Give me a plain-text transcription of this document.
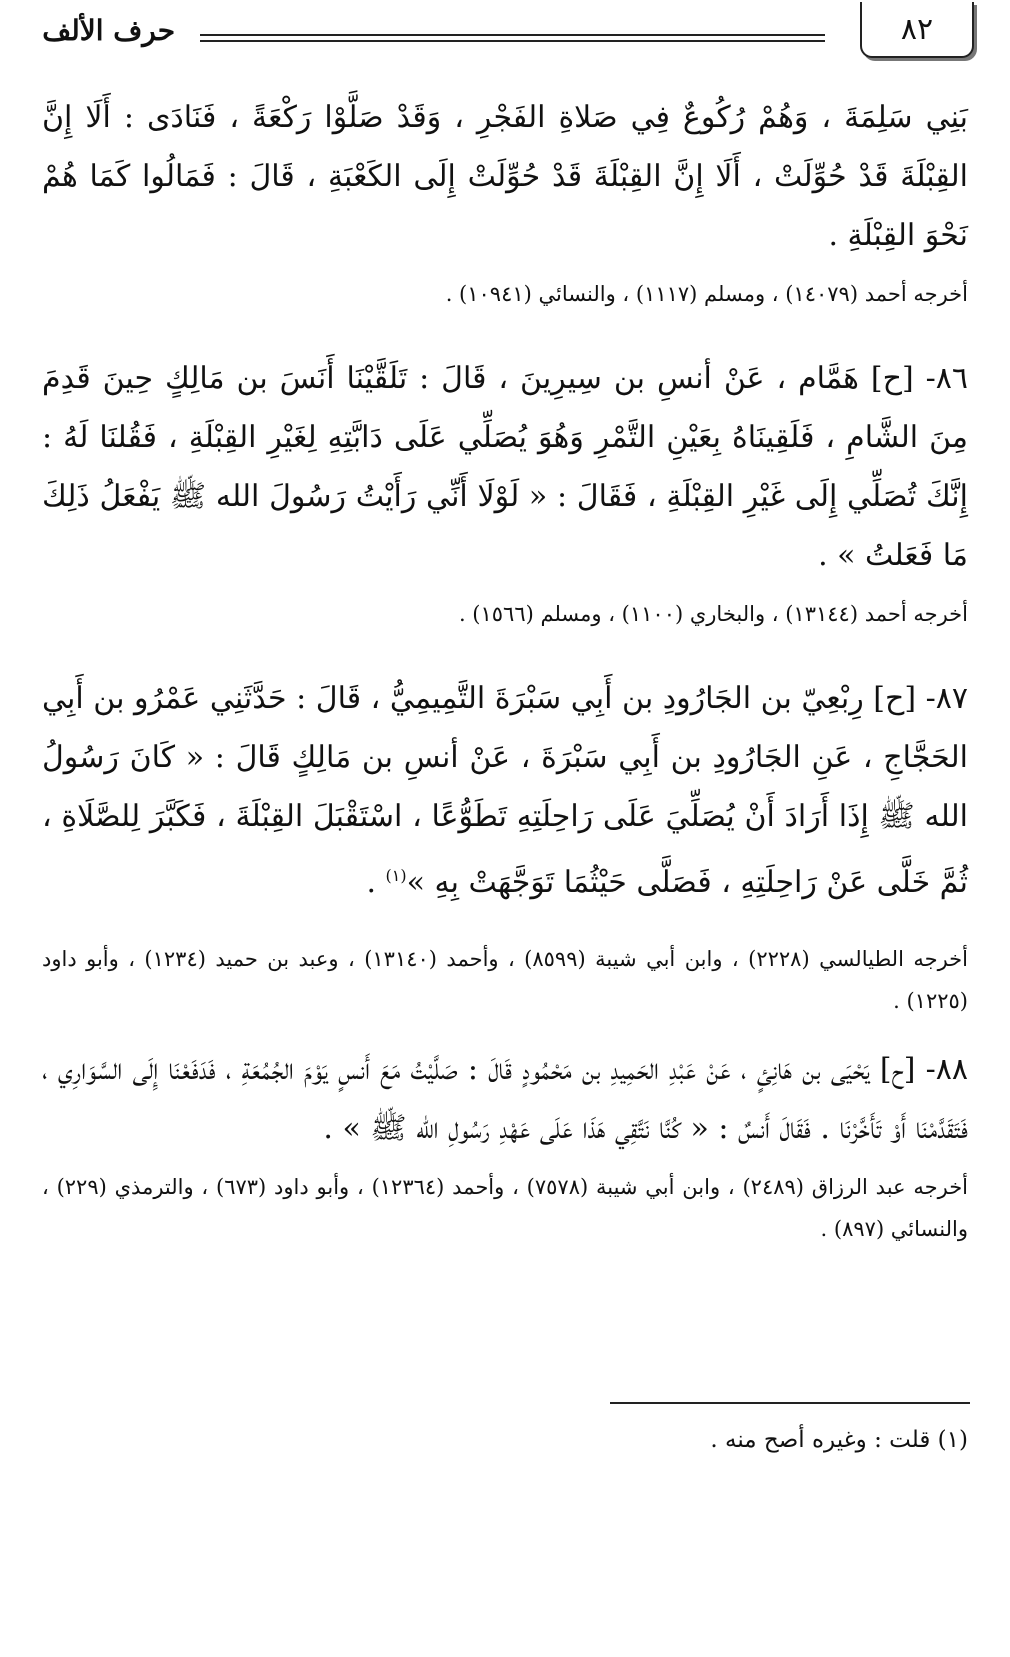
٨٢
حرف الألف

بَنِي سَلِمَةَ ، وَهُمْ رُكُوعٌ فِي صَلاةِ الفَجْرِ ، وَقَدْ صَلَّوْا رَكْعَةً ، فَنَادَى : أَلَا إِنَّ القِبْلَةَ قَدْ حُوِّلَتْ ، أَلَا إِنَّ القِبْلَةَ قَدْ حُوِّلَتْ إِلَى الكَعْبَةِ ، قَالَ : فَمَالُوا كَمَا هُمْ نَحْوَ القِبْلَةِ .

أخرجه أحمد (١٤٠٧٩) ، ومسلم (١١١٧) ، والنسائي (١٠٩٤١) .

٨٦- [ح] هَمَّام ، عَنْ أنسِ بن سِيرِينَ ، قَالَ : تَلَقَّيْنَا أَنَسَ بن مَالِكٍ حِينَ قَدِمَ مِنَ الشَّامِ ، فَلَقِينَاهُ بِعَيْنِ التَّمْرِ وَهُوَ يُصَلِّي عَلَى دَابَّتِهِ لِغَيْرِ القِبْلَةِ ، فَقُلنَا لَهُ : إِنَّكَ تُصَلِّي إِلَى غَيْرِ القِبْلَةِ ، فَقَالَ : « لَوْلَا أَنِّي رَأَيْتُ رَسُولَ الله ﷺ يَفْعَلُ ذَلِكَ مَا فَعَلتُ » .

أخرجه أحمد (١٣١٤٤) ، والبخاري (١١٠٠) ، ومسلم (١٥٦٦) .

٨٧- [ح] رِبْعِيّ بن الجَارُودِ بن أَبِي سَبْرَةَ التَّمِيمِيُّ ، قَالَ : حَدَّثَنِي عَمْرُو بن أَبِي الحَجَّاجِ ، عَنِ الجَارُودِ بن أَبِي سَبْرَةَ ، عَنْ أنسِ بن مَالِكٍ قَالَ : « كَانَ رَسُولُ الله ﷺ إِذَا أَرَادَ أَنْ يُصَلِّيَ عَلَى رَاحِلَتِهِ تَطَوُّعًا ، اسْتَقْبَلَ القِبْلَةَ ، فَكَبَّرَ لِلصَّلَاةِ ، ثُمَّ خَلَّى عَنْ رَاحِلَتِهِ ، فَصَلَّى حَيْثُمَا تَوَجَّهَتْ بِهِ »$^{(١)}$ .

أخرجه الطيالسي (٢٢٢٨) ، وابن أبي شيبة (٨٥٩٩) ، وأحمد (١٣١٤٠) ، وعبد بن حميد (١٢٣٤) ، وأبو داود (١٢٢٥) .

٨٨- [ح] يَحْيَى بن هَانِئٍ ، عَنْ عَبْدِ الحَمِيدِ بن مَحْمُودٍ قَالَ : صَلَّيْتُ مَعَ أَنسٍ يَوْمَ الجُمُعَةِ ، فَدَفَعْنَا إِلَى السَّوَارِي ، فَتَقَدَّمْنَا أَوْ تَأَخَّرْنَا . فَقَالَ أَنسٌ : « كُنَّا نَتَّقِي هَذَا عَلَى عَهْدِ رَسُولِ الله ﷺ » .

أخرجه عبد الرزاق (٢٤٨٩) ، وابن أبي شيبة (٧٥٧٨) ، وأحمد (١٢٣٦٤) ، وأبو داود (٦٧٣) ، والترمذي (٢٢٩) ، والنسائي (٨٩٧) .

(١) قلت : وغيره أصح منه .
